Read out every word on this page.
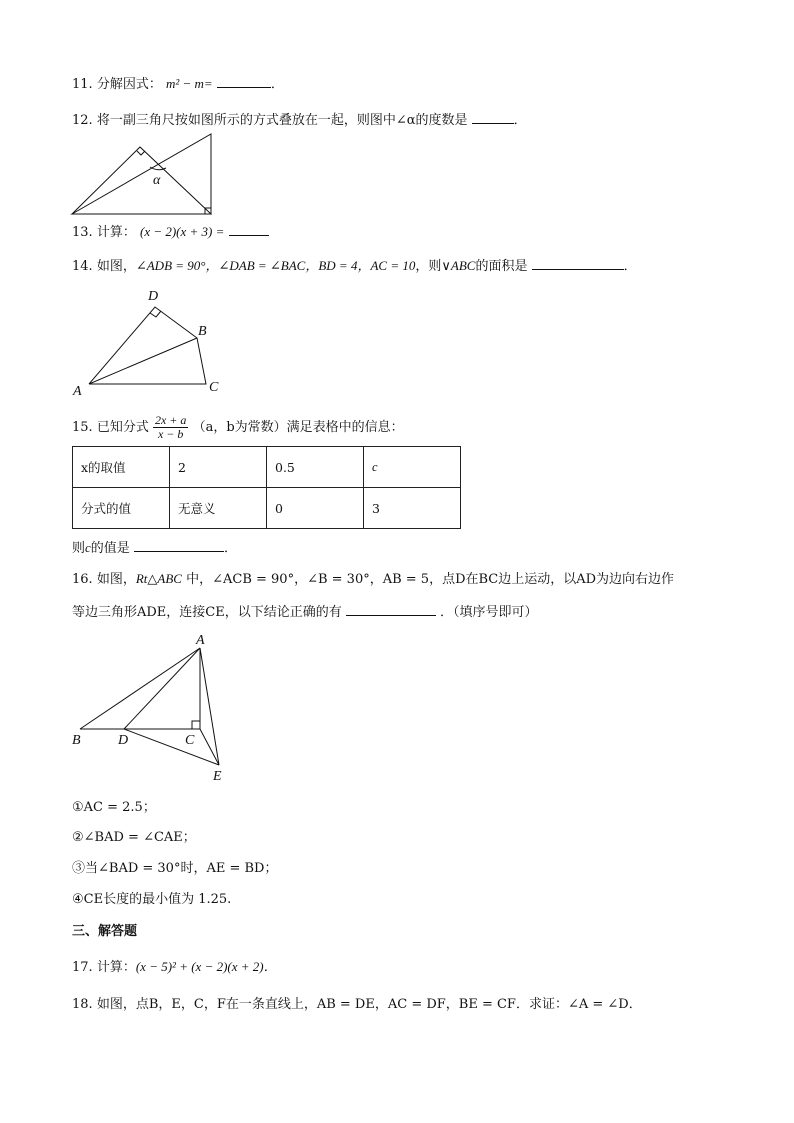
11. 分解因式： m² − m=	．
12. 将一副三角尺按如图所示的方式叠放在一起，则图中∠α的度数是	．
α
13. 计算： (x − 2)(x + 3) =
14. 如图，∠ADB = 90°，∠DAB = ∠BAC，BD = 4，AC = 10，则∨ABC的面积是	．
D
B
A	C
15. 已知分式 $\frac{2x + a}{x - b} (a$，b为常数）满足表格中的信息：
x的取值	2	0.5	c
分式的值	无意义	0	3
则c的值是	．
16. 如图，Rt△ABC 中，∠ACB = 90°，∠B = 30°，AB = 5，点D在BC边上运动，以AD为边向右边作
等边三角形ADE，连接CE，以下结论正确的有	．（填序号即可）
A
B	D	C
E
①AC = 2.5；
②∠BAD = ∠CAE；
③当∠BAD = 30°时，AE = BD；
④CE长度的最小值为 1.25.
三、解答题
17. 计算：(x − 5)² + (x − 2)(x + 2)．
18. 如图，点B，E，C，F在一条直线上，AB = DE，AC = DF，BE = CF．求证：∠A = ∠D．
